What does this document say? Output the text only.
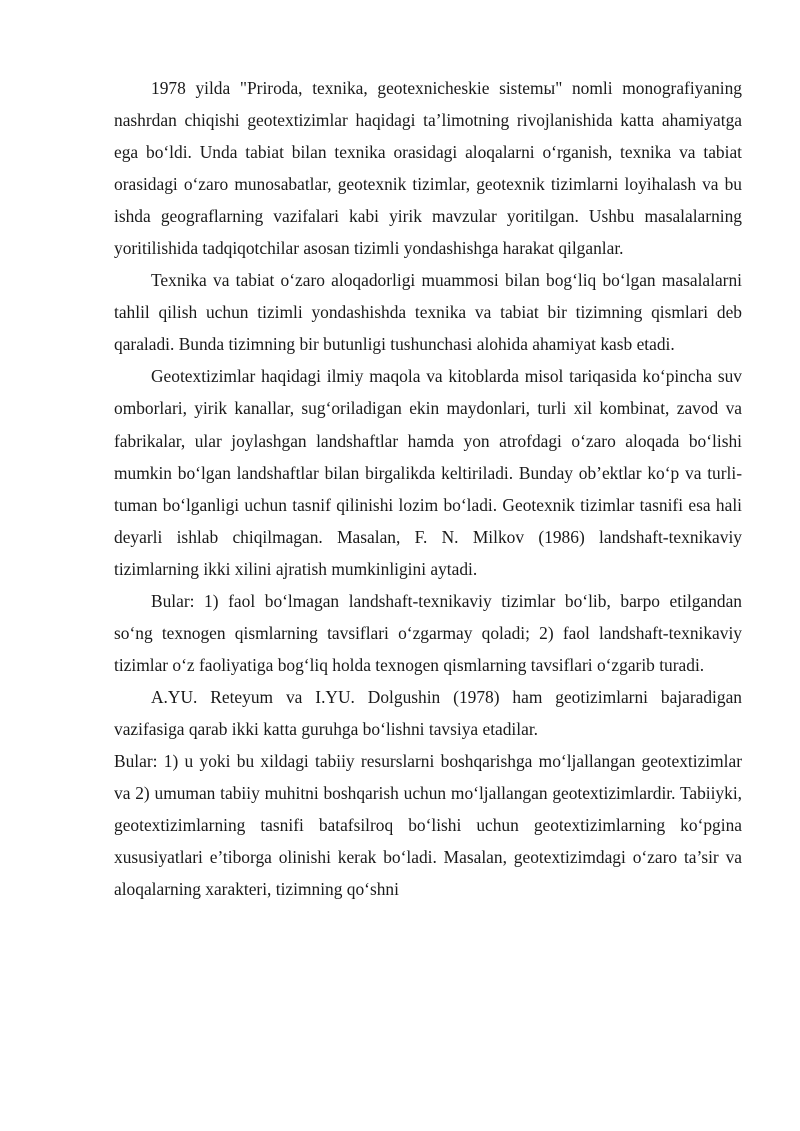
1978 yilda "Priroda, texnika, geotexnicheskie sistemы" nomli monografiyaning nashrdan chiqishi geotextizimlar haqidagi ta’limotning rivojlanishida katta ahamiyatga ega bo‘ldi. Unda tabiat bilan texnika orasidagi aloqalarni o‘rganish, texnika va tabiat orasidagi o‘zaro munosabatlar, geotexnik tizimlar, geotexnik tizimlarni loyihalash va bu ishda geograflarning vazifalari kabi yirik mavzular yoritilgan. Ushbu masalalarning yoritilishida tadqiqotchilar asosan tizimli yondashishga harakat qilganlar.

Texnika va tabiat o‘zaro aloqadorligi muammosi bilan bog‘liq bo‘lgan masalalarni tahlil qilish uchun tizimli yondashishda texnika va tabiat bir tizimning qismlari deb qaraladi. Bunda tizimning bir butunligi tushunchasi alohida ahamiyat kasb etadi.

Geotextizimlar haqidagi ilmiy maqola va kitoblarda misol tariqasida ko‘pincha suv omborlari, yirik kanallar, sug‘oriladigan ekin maydonlari, turli xil kombinat, zavod va fabrikalar, ular joylashgan landshaftlar hamda yon atrofdagi o‘zaro aloqada bo‘lishi mumkin bo‘lgan landshaftlar bilan birgalikda keltiriladi. Bunday ob’ektlar ko‘p va turli-tuman bo‘lganligi uchun tasnif qilinishi lozim bo‘ladi. Geotexnik tizimlar tasnifi esa hali deyarli ishlab chiqilmagan. Masalan, F. N. Milkov (1986) landshaft-texnikaviy tizimlarning ikki xilini ajratish mumkinligini aytadi.

Bular: 1) faol bo‘lmagan landshaft-texnikaviy tizimlar bo‘lib, barpo etilgandan so‘ng texnogen qismlarning tavsiflari o‘zgarmay qoladi; 2) faol landshaft-texnikaviy tizimlar o‘z faoliyatiga bog‘liq holda texnogen qismlarning tavsiflari o‘zgarib turadi.

A.YU. Reteyum va I.YU. Dolgushin (1978) ham geotizimlarni bajaradigan vazifasiga qarab ikki katta guruhga bo‘lishni tavsiya etadilar.

Bular: 1) u yoki bu xildagi tabiiy resurslarni boshqarishga mo‘ljallangan geotextizimlar va 2) umuman tabiiy muhitni boshqarish uchun mo‘ljallangan geotextizimlardir. Tabiiyki, geotextizimlarning tasnifi batafsilroq bo‘lishi uchun geotextizimlarning ko‘pgina xususiyatlari e’tiborga olinishi kerak bo‘ladi. Masalan, geotextizimdagi o‘zaro ta’sir va aloqalarning xarakteri, tizimning qo‘shni
